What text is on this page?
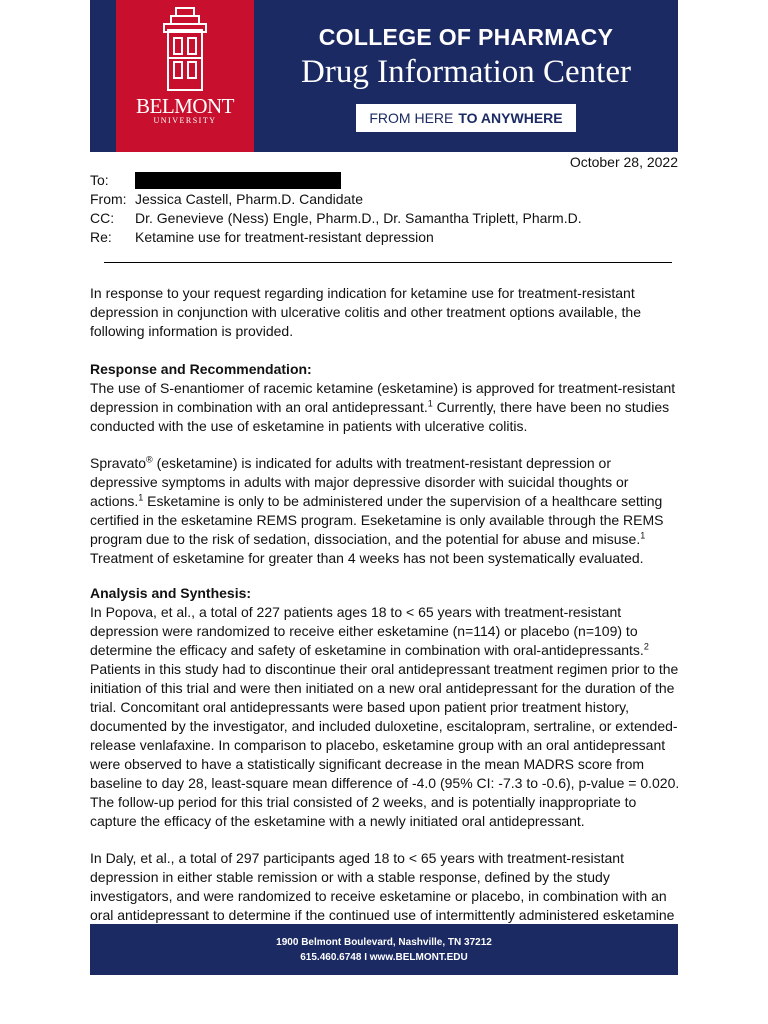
BELMONT
UNIVERSITY
COLLEGE OF PHARMACY
Drug Information Center
FROM HERE TO ANYWHERE
October 28, 2022
To:
From: Jessica Castell, Pharm.D. Candidate
CC:	Dr. Genevieve (Ness) Engle, Pharm.D., Dr. Samantha Triplett, Pharm.D.
Re:	Ketamine use for treatment-resistant depression
In response to your request regarding indication for ketamine use for treatment-resistant depression in conjunction with ulcerative colitis and other treatment options available, the following information is provided.
Response and Recommendation:
The use of S-enantiomer of racemic ketamine (esketamine) is approved for treatment-resistant depression in combination with an oral antidepressant.$^1$ Currently, there have been no studies conducted with the use of esketamine in patients with ulcerative colitis.
Spravato® (esketamine) is indicated for adults with treatment-resistant depression or depressive symptoms in adults with major depressive disorder with suicidal thoughts or actions.$^1$ Esketamine is only to be administered under the supervision of a healthcare setting certified in the esketamine REMS program. Eseketamine is only available through the REMS program due to the risk of sedation, dissociation, and the potential for abuse and misuse.$^1$ Treatment of esketamine for greater than 4 weeks has not been systematically evaluated.
Analysis and Synthesis:
In Popova, et al., a total of 227 patients ages 18 to < 65 years with treatment-resistant depression were randomized to receive either esketamine (n=114) or placebo (n=109) to determine the efficacy and safety of esketamine in combination with oral-antidepressants.$^2$ Patients in this study had to discontinue their oral antidepressant treatment regimen prior to the initiation of this trial and were then initiated on a new oral antidepressant for the duration of the trial. Concomitant oral antidepressants were based upon patient prior treatment history, documented by the investigator, and included duloxetine, escitalopram, sertraline, or extended-release venlafaxine. In comparison to placebo, esketamine group with an oral antidepressant were observed to have a statistically significant decrease in the mean MADRS score from baseline to day 28, least-square mean difference of -4.0 (95% CI: -7.3 to -0.6), p-value = 0.020. The follow-up period for this trial consisted of 2 weeks, and is potentially inappropriate to capture the efficacy of the esketamine with a newly initiated oral antidepressant.
In Daly, et al., a total of 297 participants aged 18 to < 65 years with treatment-resistant depression in either stable remission or with a stable response, defined by the study investigators, and were randomized to receive esketamine or placebo, in combination with an oral antidepressant to determine if the continued use of intermittently administered esketamine
1900 Belmont Boulevard, Nashville, TN 37212
615.460.6748 I www.BELMONT.EDU
